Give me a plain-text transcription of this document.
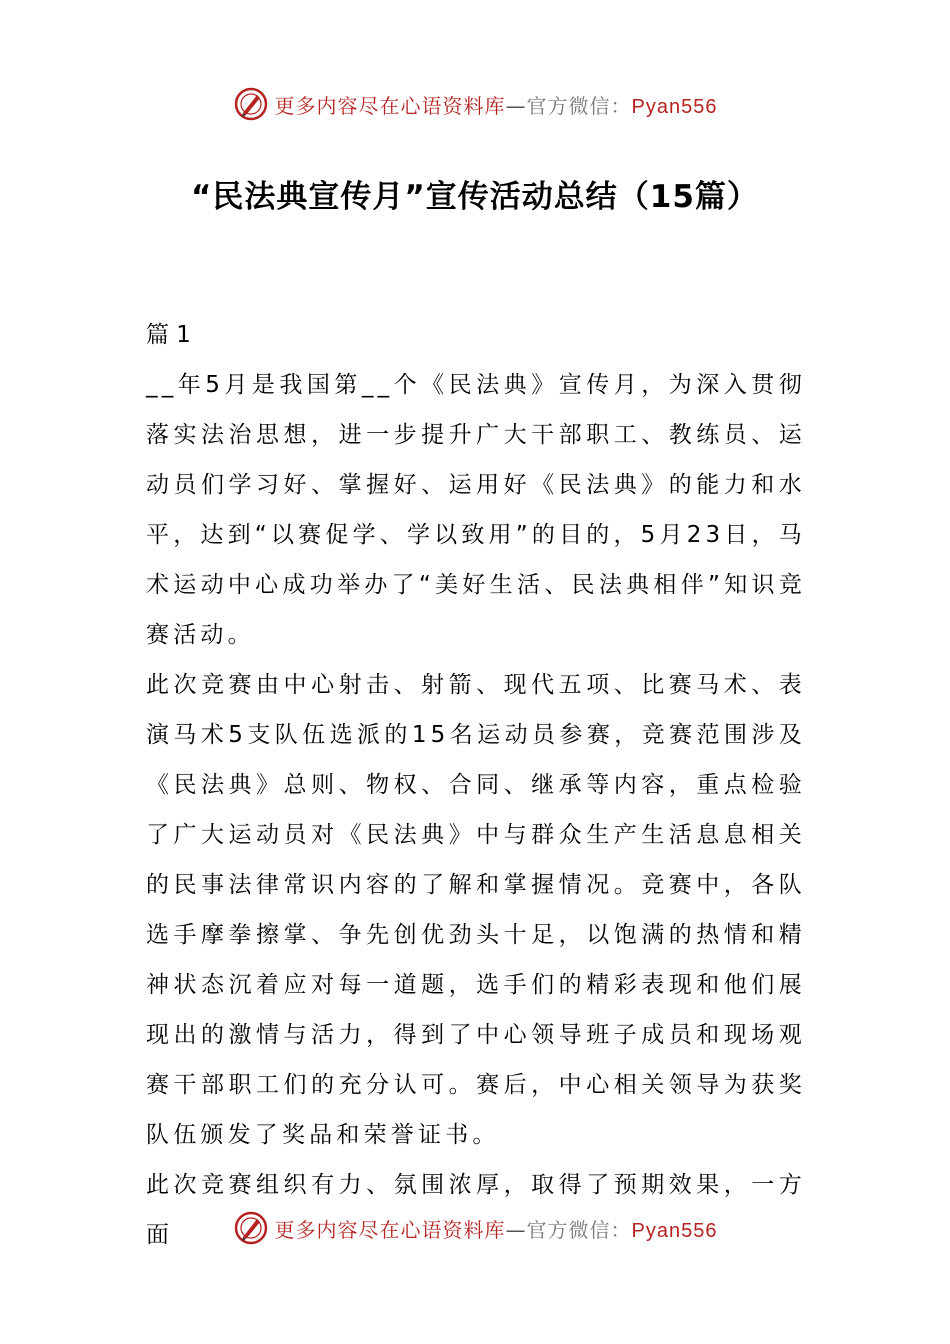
更多内容尽在心语资料库—官方微信：Pyan556
“民法典宣传月”宣传活动总结（15篇）

篇 1

__年5月是我国第__个《民法典》宣传月，为深入贯彻落实法治思想，进一步提升广大干部职工、教练员、运动员们学习好、掌握好、运用好《民法典》的能力和水平，达到“以赛促学、学以致用”的目的，5月23日，马术运动中心成功举办了“美好生活、民法典相伴”知识竞赛活动。

此次竞赛由中心射击、射箭、现代五项、比赛马术、表演马术5支队伍选派的15名运动员参赛，竞赛范围涉及《民法典》总则、物权、合同、继承等内容，重点检验了广大运动员对《民法典》中与群众生产生活息息相关的民事法律常识内容的了解和掌握情况。竞赛中，各队选手摩拳擦掌、争先创优劲头十足，以饱满的热情和精神状态沉着应对每一道题，选手们的精彩表现和他们展现出的激情与活力，得到了中心领导班子成员和现场观赛干部职工们的充分认可。赛后，中心相关领导为获奖队伍颁发了奖品和荣誉证书。

此次竞赛组织有力、氛围浓厚，取得了预期效果，一方面	更多内容尽在心语资料库—官方微信：Pyan556
